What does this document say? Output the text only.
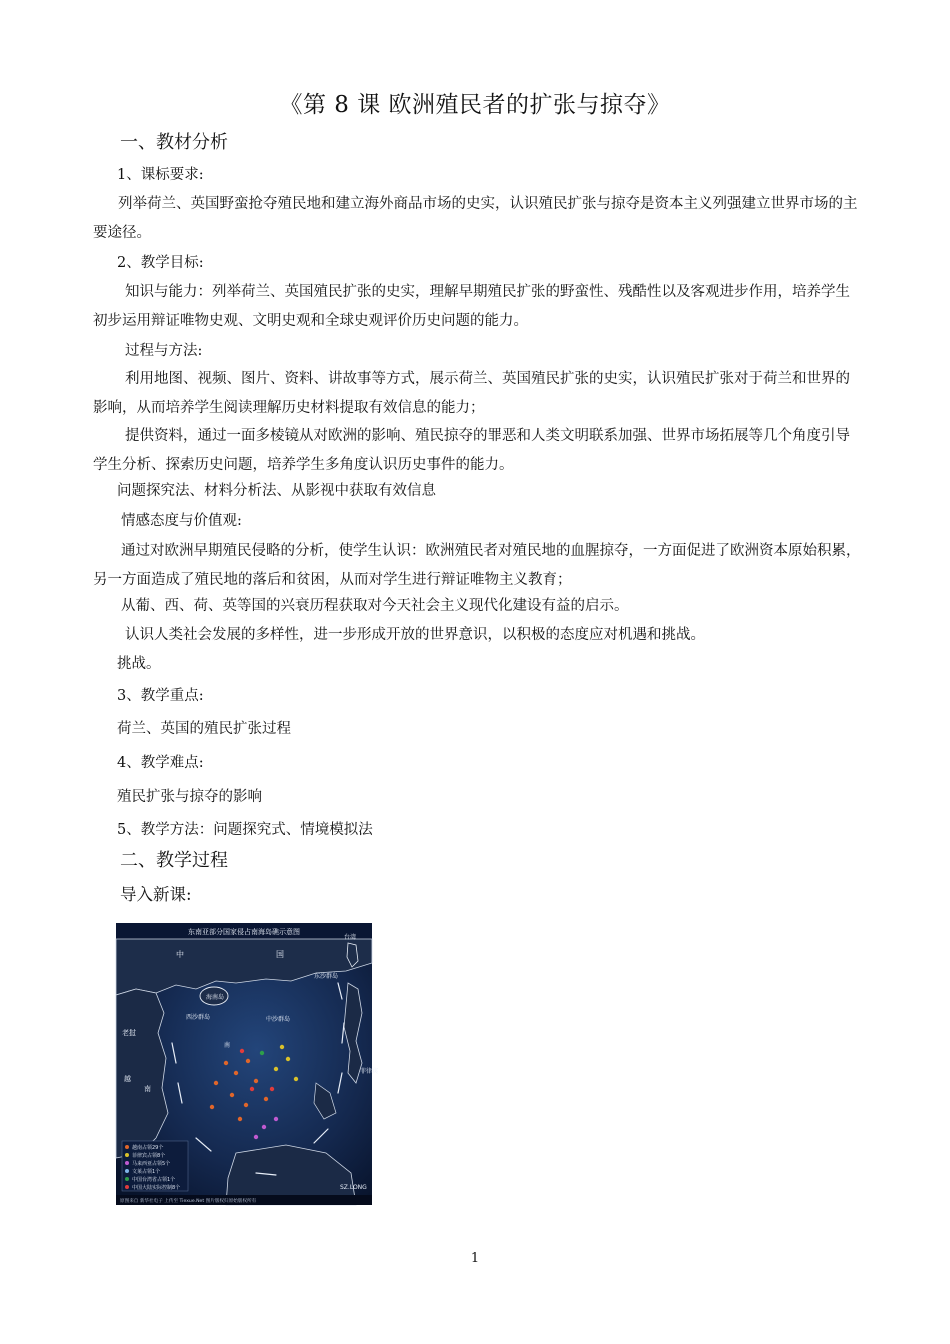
《第 8 课 欧洲殖民者的扩张与掠夺》
一、教材分析
1、课标要求:
列举荷兰、英国野蛮抢夺殖民地和建立海外商品市场的史实，认识殖民扩张与掠夺是资本主义列强建立世界市场的主要途径。
2、教学目标:
知识与能力：列举荷兰、英国殖民扩张的史实，理解早期殖民扩张的野蛮性、残酷性以及客观进步作用，培养学生初步运用辩证唯物史观、文明史观和全球史观评价历史问题的能力。
过程与方法:
利用地图、视频、图片、资料、讲故事等方式，展示荷兰、英国殖民扩张的史实，认识殖民扩张对于荷兰和世界的影响，从而培养学生阅读理解历史材料提取有效信息的能力；
提供资料，通过一面多棱镜从对欧洲的影响、殖民掠夺的罪恶和人类文明联系加强、世界市场拓展等几个角度引导学生分析、探索历史问题，培养学生多角度认识历史事件的能力。
问题探究法、材料分析法、从影视中获取有效信息
情感态度与价值观:
通过对欧洲早期殖民侵略的分析，使学生认识：欧洲殖民者对殖民地的血腥掠夺，一方面促进了欧洲资本原始积累，另一方面造成了殖民地的落后和贫困，从而对学生进行辩证唯物主义教育；
从葡、西、荷、英等国的兴衰历程获取对今天社会主义现代化建设有益的启示。
认识人类社会发展的多样性，进一步形成开放的世界意识，以积极的态度应对机遇和挑战。
挑战。
3、教学重点:
荷兰、英国的殖民扩张过程
4、教学难点:
殖民扩张与掠夺的影响
5、教学方法：问题探究式、情境模拟法
二、教学过程
导入新课:
东南亚部分国家侵占南海岛礁示意图
中	国
台湾
东沙群岛
海南岛
西沙群岛	中沙群岛
南
老挝
越
南
菲律宾
越南占领29个
菲律宾占领8个
马来西亚占领5个
文莱占领1个
中国台湾省占领1个
中国大陆实际控制8个	SZ.LONG
原图来自 新华社电子 上传至 Tiexue.Net 图片版权归原始版权所有
1
